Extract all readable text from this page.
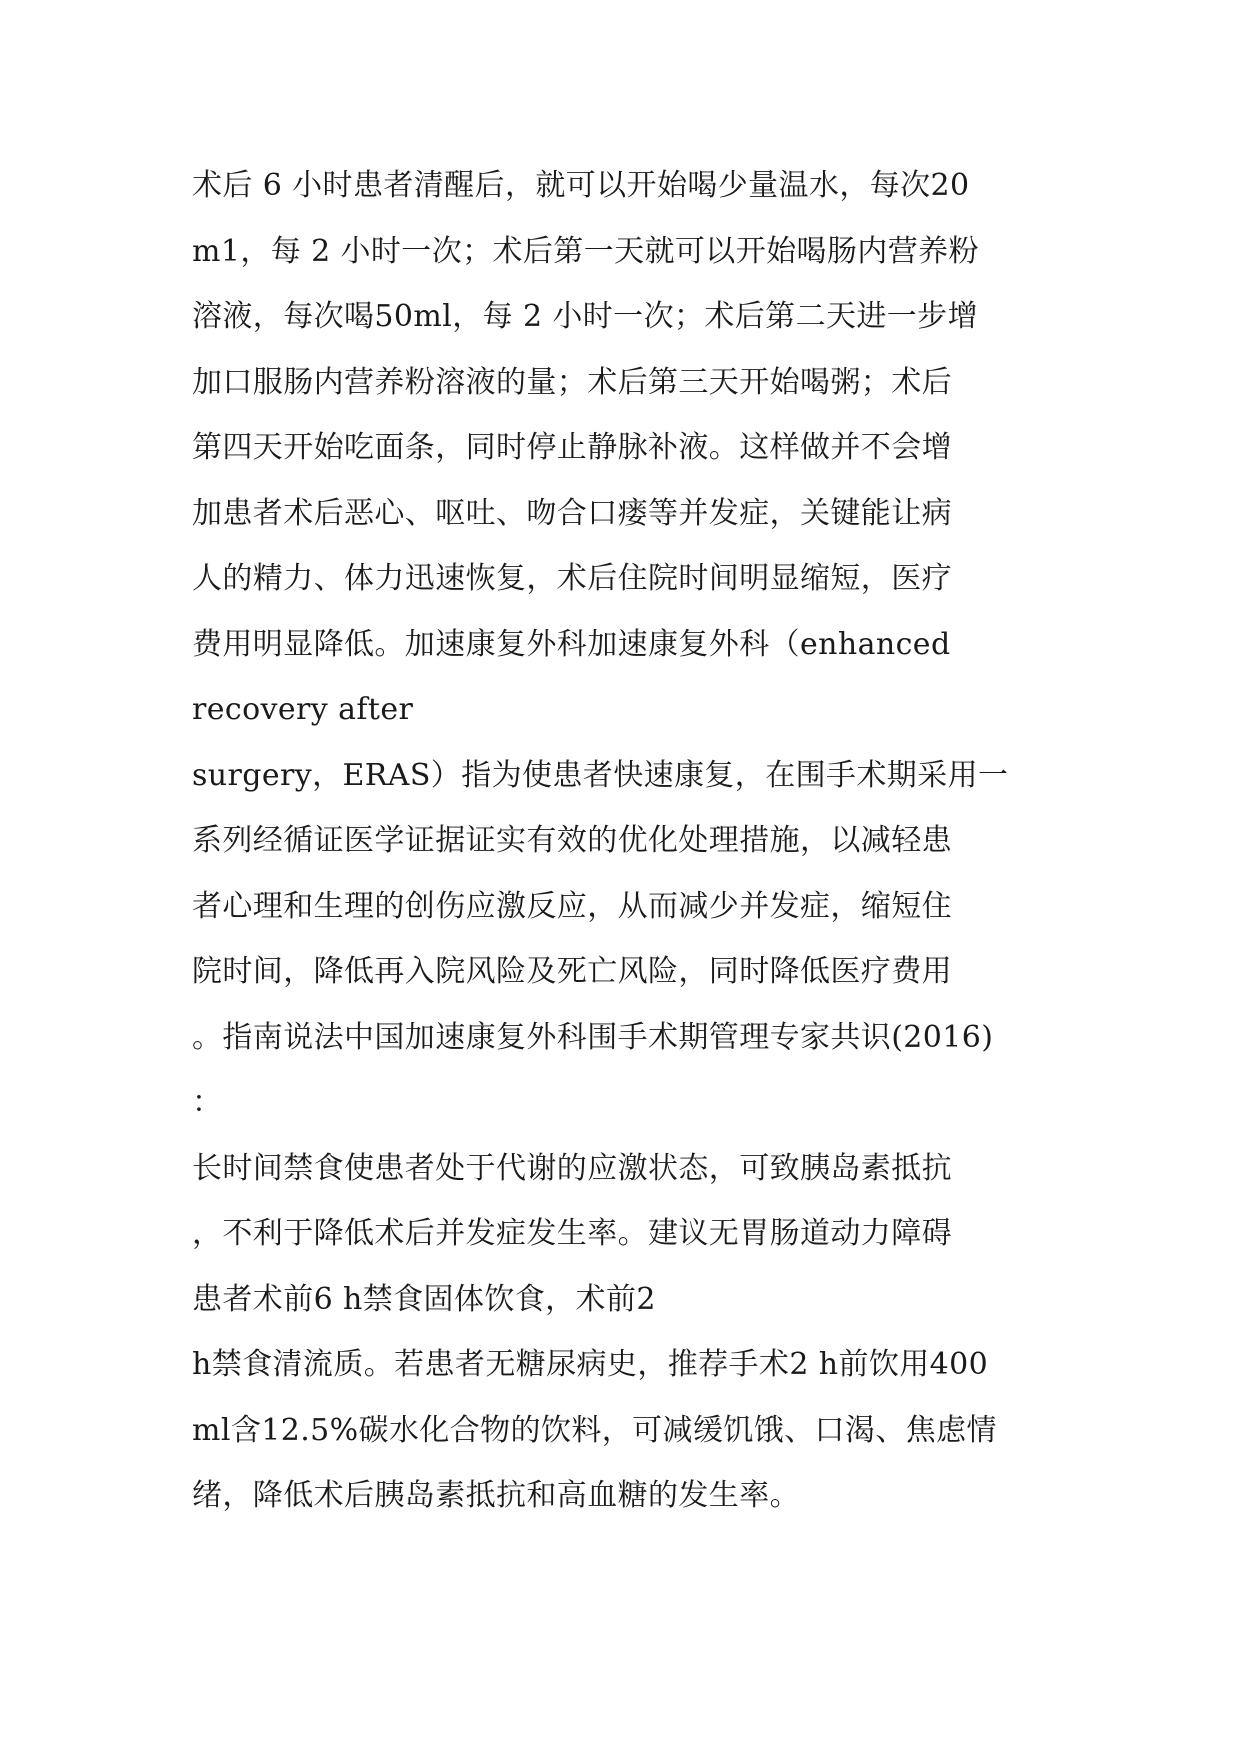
术后 6 小时患者清醒后，就可以开始喝少量温水，每次20
m1，每 2 小时一次；术后第一天就可以开始喝肠内营养粉
溶液，每次喝50ml，每 2 小时一次；术后第二天进一步增
加口服肠内营养粉溶液的量；术后第三天开始喝粥；术后
第四天开始吃面条，同时停止静脉补液。这样做并不会增
加患者术后恶心、呕吐、吻合口瘘等并发症，关键能让病
人的精力、体力迅速恢复，术后住院时间明显缩短，医疗
费用明显降低。加速康复外科加速康复外科（enhanced
recovery after
surgery，ERAS）指为使患者快速康复，在围手术期采用一
系列经循证医学证据证实有效的优化处理措施，以减轻患
者心理和生理的创伤应激反应，从而减少并发症，缩短住
院时间，降低再入院风险及死亡风险，同时降低医疗费用
。指南说法中国加速康复外科围手术期管理专家共识(2016)
：
长时间禁食使患者处于代谢的应激状态，可致胰岛素抵抗
，不利于降低术后并发症发生率。建议无胃肠道动力障碍
患者术前6 h禁食固体饮食，术前2
h禁食清流质。若患者无糖尿病史，推荐手术2 h前饮用400
ml含12.5%碳水化合物的饮料，可减缓饥饿、口渴、焦虑情
绪，降低术后胰岛素抵抗和高血糖的发生率。
